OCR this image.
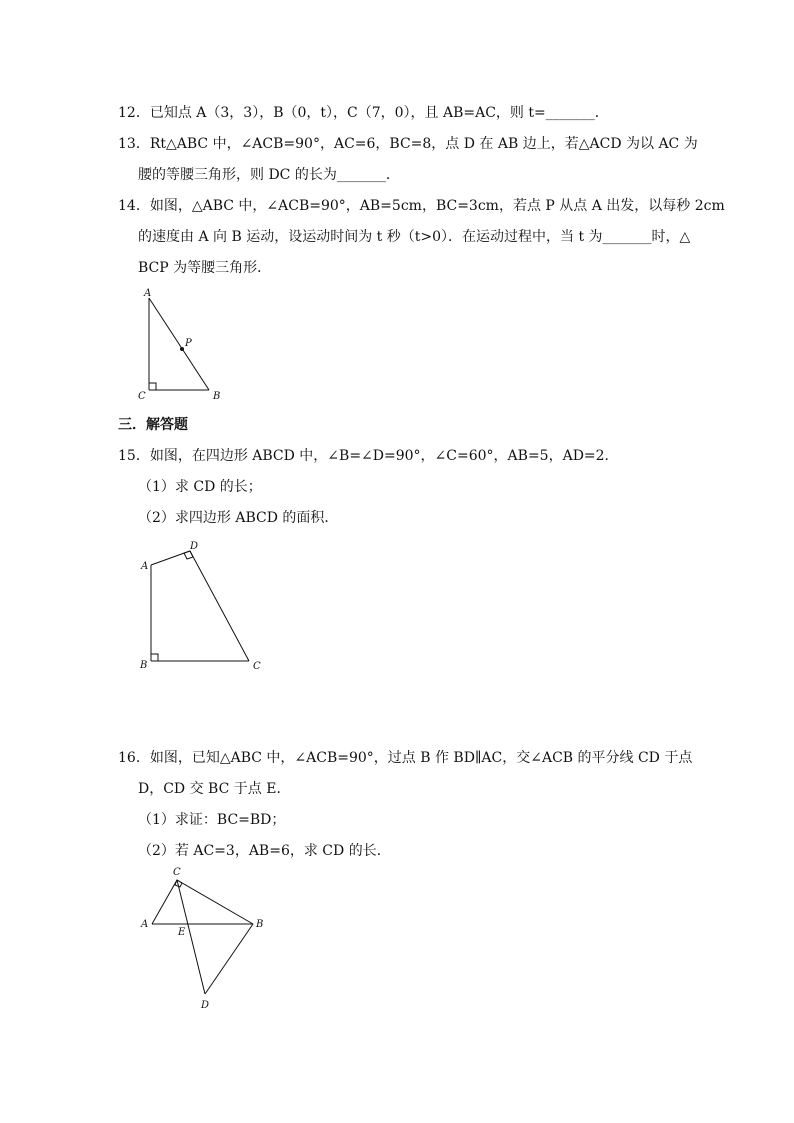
12．已知点 A（3，3），B（0，t），C（7，0），且 AB=AC，则 t=_______．
13．Rt△ABC 中，∠ACB=90°，AC=6，BC=8，点 D 在 AB 边上，若△ACD 为以 AC 为
腰的等腰三角形，则 DC 的长为_______．
14．如图，△ABC 中，∠ACB=90°，AB=5cm，BC=3cm，若点 P 从点 A 出发，以每秒 2cm
的速度由 A 向 B 运动，设运动时间为 t 秒（t>0）．在运动过程中，当 t 为_______时，△
BCP 为等腰三角形．
A
P
C	B
三．解答题
15．如图，在四边形 ABCD 中，∠B=∠D=90°，∠C=60°，AB=5，AD=2．
（1）求 CD 的长；
（2）求四边形 ABCD 的面积．
A
D
B	C
16．如图，已知△ABC 中，∠ACB=90°，过点 B 作 BD∥AC，交∠ACB 的平分线 CD 于点
D，CD 交 BC 于点 E．
（1）求证：BC=BD；
（2）若 AC=3，AB=6，求 CD 的长．
C
A
E
B
D
